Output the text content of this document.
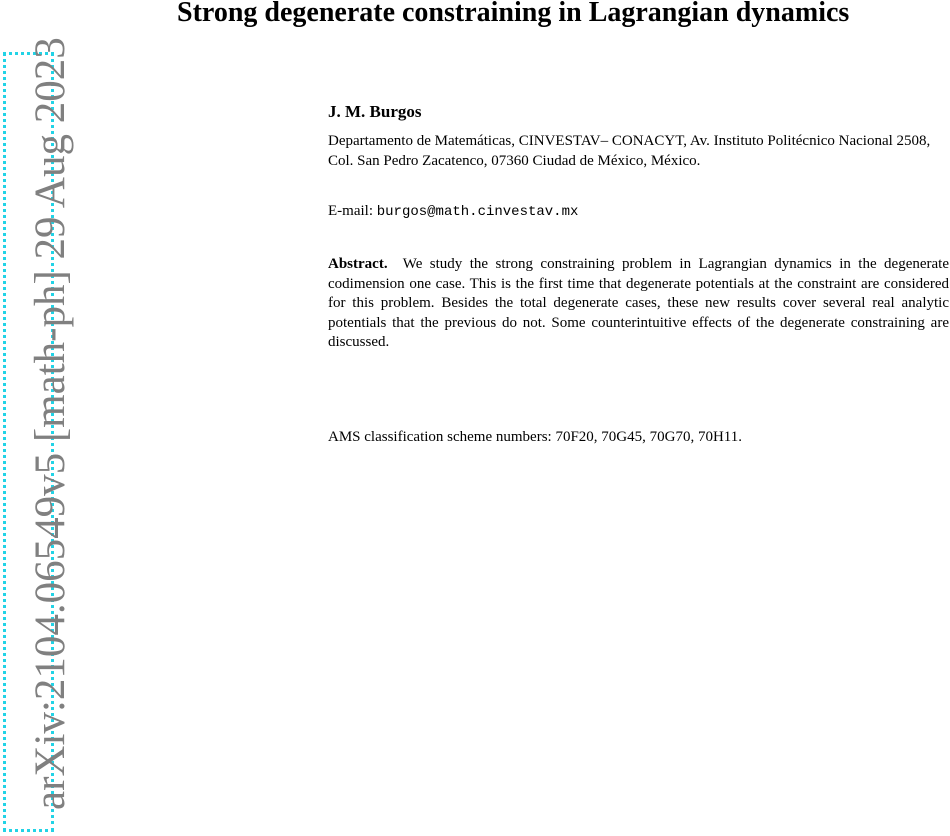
arXiv:2104.06549v5 [math-ph] 29 Aug 2023
Strong degenerate constraining in Lagrangian dynamics
J. M. Burgos
Departamento de Matemáticas, CINVESTAV– CONACYT, Av. Instituto Politécnico Nacional 2508, Col. San Pedro Zacatenco, 07360 Ciudad de México, México.
E-mail: burgos@math.cinvestav.mx
Abstract. We study the strong constraining problem in Lagrangian dynamics in the degenerate codimension one case. This is the first time that degenerate potentials at the constraint are considered for this problem. Besides the total degenerate cases, these new results cover several real analytic potentials that the previous do not. Some counterintuitive effects of the degenerate constraining are discussed.
AMS classification scheme numbers: 70F20, 70G45, 70G70, 70H11.
